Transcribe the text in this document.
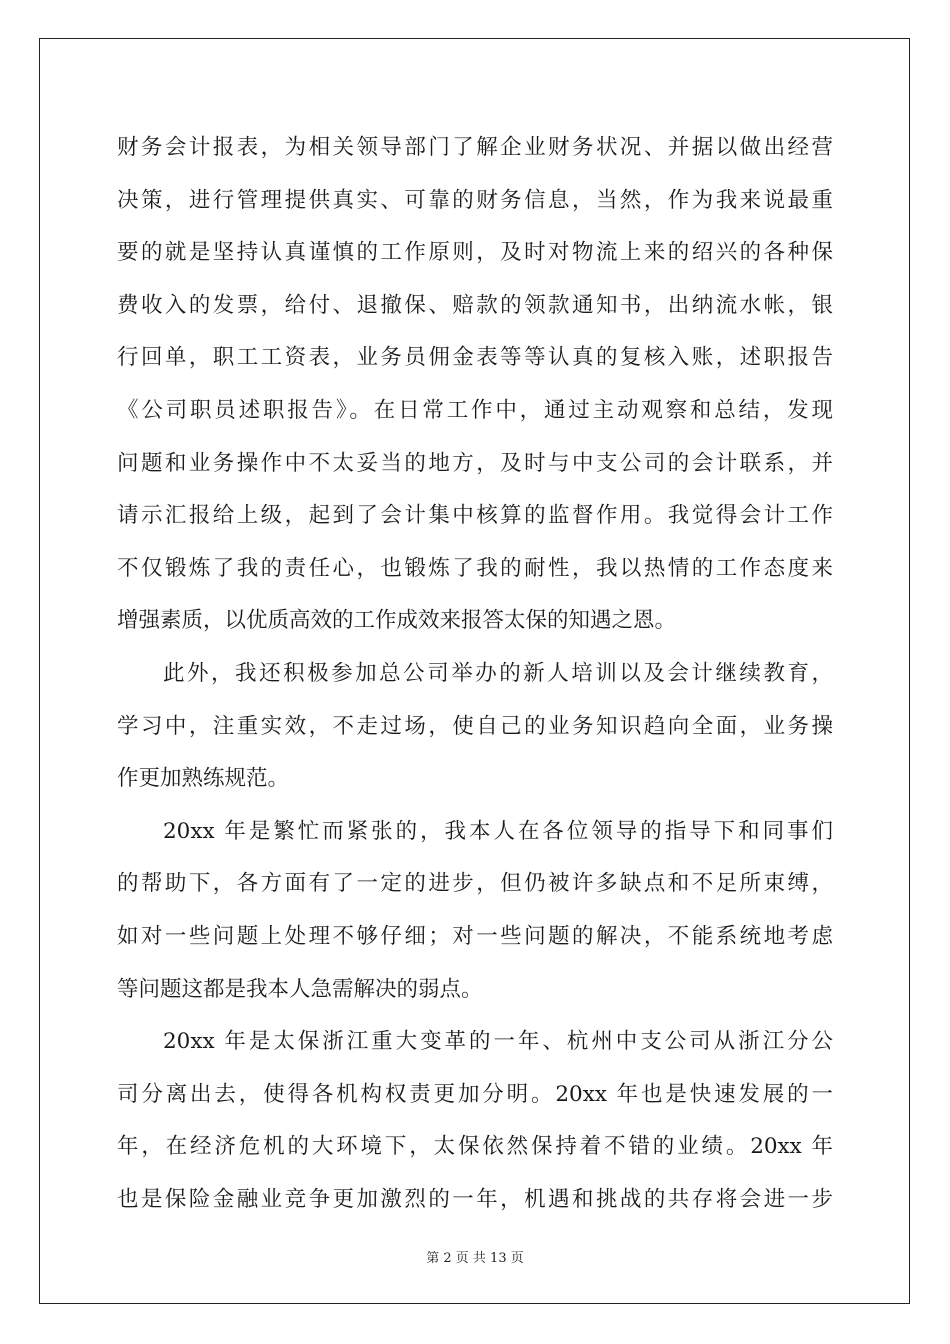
财务会计报表，为相关领导部门了解企业财务状况、并据以做出经营
决策，进行管理提供真实、可靠的财务信息，当然，作为我来说最重
要的就是坚持认真谨慎的工作原则，及时对物流上来的绍兴的各种保
费收入的发票，给付、退撤保、赔款的领款通知书，出纳流水帐，银
行回单，职工工资表，业务员佣金表等等认真的复核入账，述职报告
《公司职员述职报告》。在日常工作中，通过主动观察和总结，发现
问题和业务操作中不太妥当的地方，及时与中支公司的会计联系，并
请示汇报给上级，起到了会计集中核算的监督作用。我觉得会计工作
不仅锻炼了我的责任心，也锻炼了我的耐性，我以热情的工作态度来
增强素质，以优质高效的工作成效来报答太保的知遇之恩。
此外，我还积极参加总公司举办的新人培训以及会计继续教育，
学习中，注重实效，不走过场，使自己的业务知识趋向全面，业务操
作更加熟练规范。
20xx 年是繁忙而紧张的，我本人在各位领导的指导下和同事们
的帮助下，各方面有了一定的进步，但仍被许多缺点和不足所束缚，
如对一些问题上处理不够仔细；对一些问题的解决，不能系统地考虑
等问题这都是我本人急需解决的弱点。
20xx 年是太保浙江重大变革的一年、杭州中支公司从浙江分公
司分离出去，使得各机构权责更加分明。20xx 年也是快速发展的一
年，在经济危机的大环境下，太保依然保持着不错的业绩。20xx 年
也是保险金融业竞争更加激烈的一年，机遇和挑战的共存将会进一步
第 2 页 共 13 页
